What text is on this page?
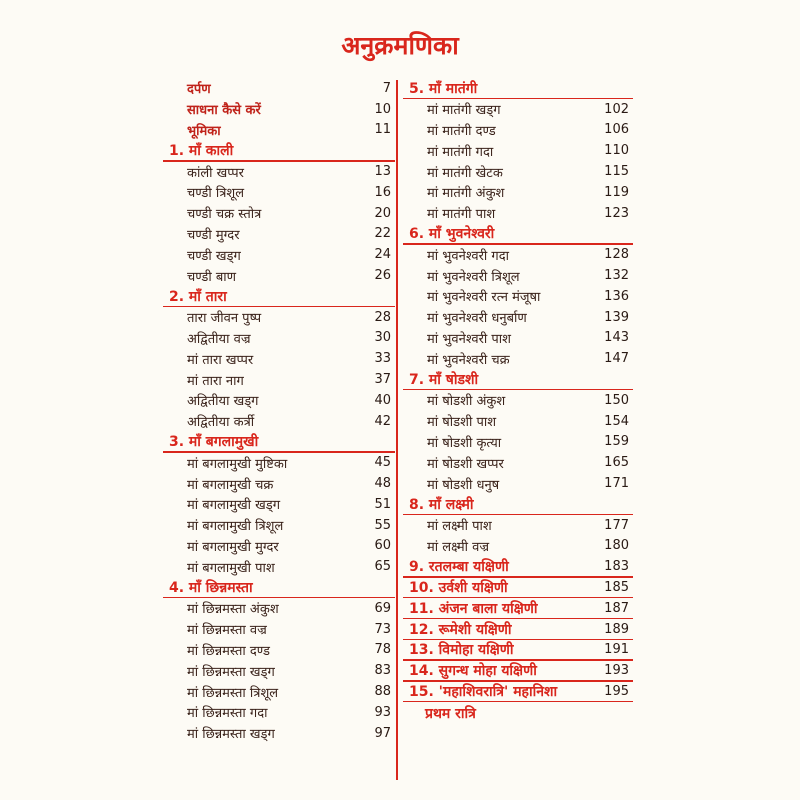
अनुक्रमणिका
दर्पण	7
साधना कैसे करें	10
भूमिका	11
1. माँ काली
कांली खप्पर	13
चण्डी त्रिशूल	16
चण्डी चक्र स्तोत्र	20
चण्डी मुग्दर	22
चण्डी खड्ग	24
चण्डी बाण	26
2. माँ तारा
तारा जीवन पुष्प	28
अद्वितीया वज्र	30
मां तारा खप्पर	33
मां तारा नाग	37
अद्वितीया खड्ग	40
अद्वितीया कर्त्री	42
3. माँ बगलामुखी
मां बगलामुखी मुष्टिका	45
मां बगलामुखी चक्र	48
मां बगलामुखी खड्ग	51
मां बगलामुखी त्रिशूल	55
मां बगलामुखी मुग्दर	60
मां बगलामुखी पाश	65
4. माँ छिन्नमस्ता
मां छिन्नमस्ता अंकुश	69
मां छिन्नमस्ता वज्र	73
मां छिन्नमस्ता दण्ड	78
मां छिन्नमस्ता खड्ग	83
मां छिन्नमस्ता त्रिशूल	88
मां छिन्नमस्ता गदा	93
मां छिन्नमस्ता खड्ग	97
5. माँ मातंगी
मां मातंगी खड्ग	102
मां मातंगी दण्ड	106
मां मातंगी गदा	110
मां मातंगी खेटक	115
मां मातंगी अंकुश	119
मां मातंगी पाश	123
6. माँ भुवनेश्वरी
मां भुवनेश्वरी गदा	128
मां भुवनेश्वरी त्रिशूल	132
मां भुवनेश्वरी रत्न मंजूषा	136
मां भुवनेश्वरी धनुर्बाण	139
मां भुवनेश्वरी पाश	143
मां भुवनेश्वरी चक्र	147
7. माँ षोडशी
मां षोडशी अंकुश	150
मां षोडशी पाश	154
मां षोडशी कृत्या	159
मां षोडशी खप्पर	165
मां षोडशी धनुष	171
8. माँ लक्ष्मी
मां लक्ष्मी पाश	177
मां लक्ष्मी वज्र	180
9. रतलम्बा यक्षिणी	183
10. उर्वशी यक्षिणी	185
11. अंजन बाला यक्षिणी	187
12. रूमेशी यक्षिणी	189
13. विमोहा यक्षिणी	191
14. सुगन्ध मोहा यक्षिणी	193
15. 'महाशिवरात्रि' महानिशा	195
प्रथम रात्रि
